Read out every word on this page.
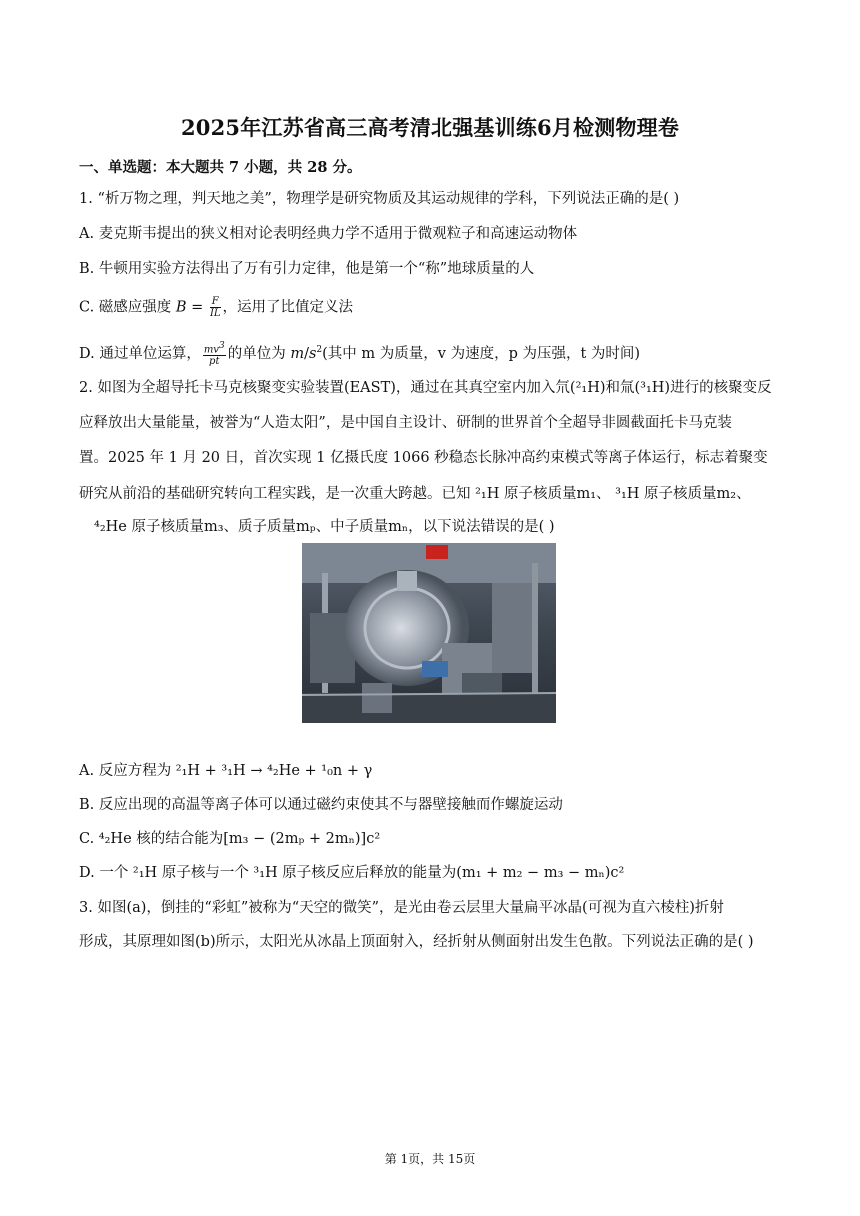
2025年江苏省高三高考清北强基训练6月检测物理卷
一、单选题：本大题共 7 小题，共 28 分。
1. “析万物之理，判天地之美”，物理学是研究物质及其运动规律的学科，下列说法正确的是( )
A. 麦克斯韦提出的狭义相对论表明经典力学不适用于微观粒子和高速运动物体
B. 牛顿用实验方法得出了万有引力定律，他是第一个“称”地球质量的人
C. 磁感应强度 $B = \frac{F}{IL}$ ，运用了比值定义法
D. 通过单位运算， $\frac{mv^3}{pt}$ 的单位为 $m/s^2$(其中 m 为质量，v 为速度，p 为压强，t 为时间)
2. 如图为全超导托卡马克核聚变实验装置(EAST)，通过在其真空室内加入氘(²₁H)和氚(³₁H)进行的核聚变反
应释放出大量能量，被誉为“人造太阳”，是中国自主设计、研制的世界首个全超导非圆截面托卡马克装
置。2025 年 1 月 20 日，首次实现 1 亿摄氏度 1066 秒稳态长脉冲高约束模式等离子体运行，标志着聚变
研究从前沿的基础研究转向工程实践，是一次重大跨越。已知 ²₁H 原子核质量m₁、 ³₁H 原子核质量m₂、
⁴₂He 原子核质量m₃、质子质量mₚ、中子质量mₙ，以下说法错误的是( )
A. 反应方程为 ²₁H + ³₁H → ⁴₂He + ¹₀n + γ
B. 反应出现的高温等离子体可以通过磁约束使其不与器壁接触而作螺旋运动
C. ⁴₂He 核的结合能为[m₃ − (2mₚ + 2mₙ)]c²
D. 一个 ²₁H 原子核与一个 ³₁H 原子核反应后释放的能量为(m₁ + m₂ − m₃ − mₙ)c²
3. 如图(a)，倒挂的“彩虹”被称为“天空的微笑”，是光由卷云层里大量扁平冰晶(可视为直六棱柱)折射
形成，其原理如图(b)所示，太阳光从冰晶上顶面射入，经折射从侧面射出发生色散。下列说法正确的是( )
第 1页，共 15页
